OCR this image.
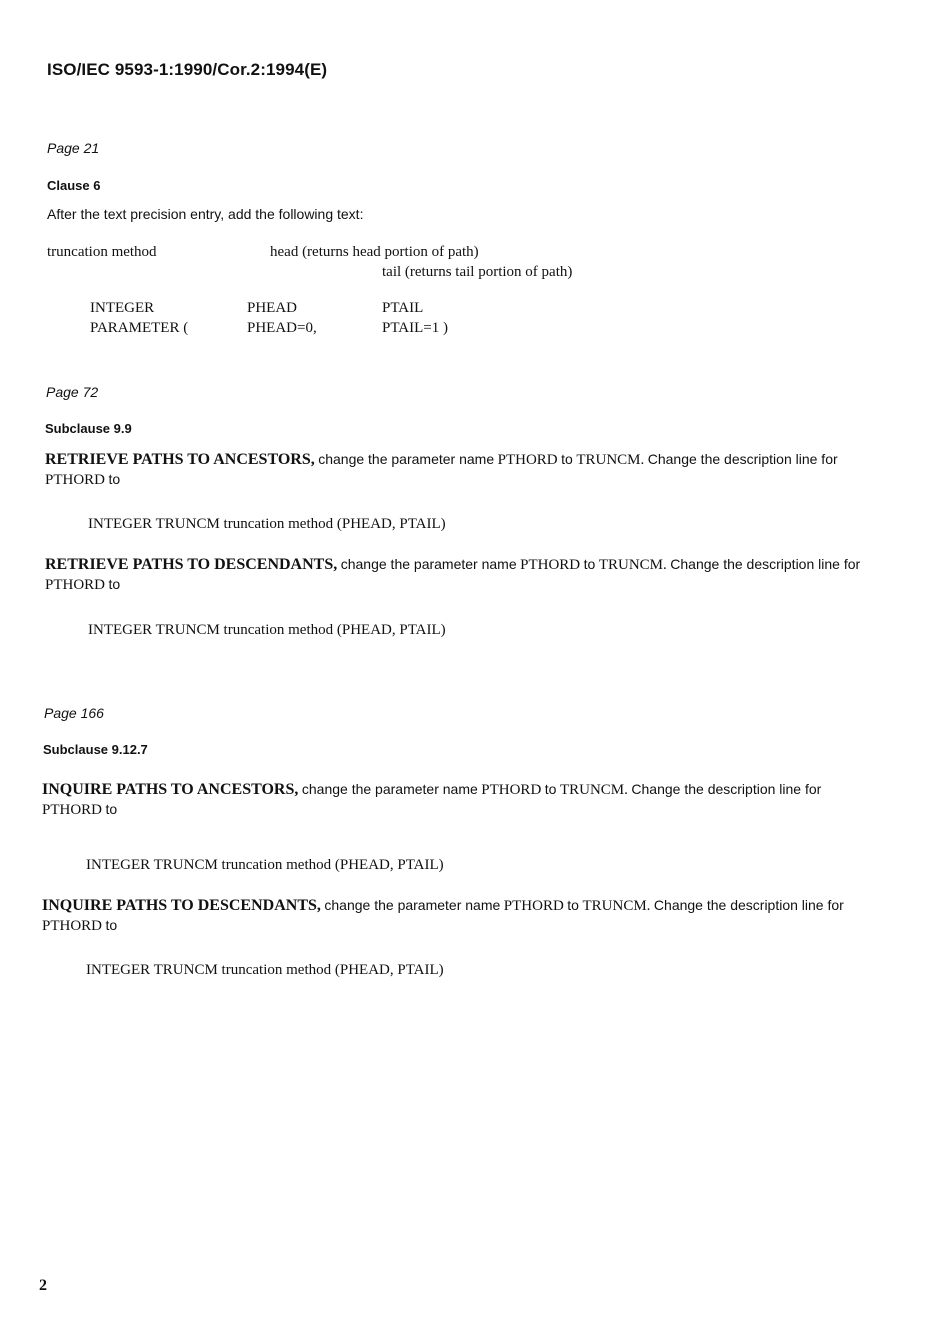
ISO/IEC 9593-1:1990/Cor.2:1994(E)
Page 21
Clause 6
After the text precision entry, add the following text:
truncation method	head (returns head portion of path)
tail (returns tail portion of path)
INTEGER	PHEAD	PTAIL
PARAMETER (	PHEAD=0,	PTAIL=1 )
Page 72
Subclause 9.9
RETRIEVE PATHS TO ANCESTORS, change the parameter name PTHORD to TRUNCM. Change the description line for
PTHORD to
INTEGER TRUNCM truncation method (PHEAD, PTAIL)
RETRIEVE PATHS TO DESCENDANTS, change the parameter name PTHORD to TRUNCM. Change the description line for
PTHORD to
INTEGER TRUNCM truncation method (PHEAD, PTAIL)
Page 166
Subclause 9.12.7
INQUIRE PATHS TO ANCESTORS, change the parameter name PTHORD to TRUNCM. Change the description line for
PTHORD to
INTEGER TRUNCM truncation method (PHEAD, PTAIL)
INQUIRE PATHS TO DESCENDANTS, change the parameter name PTHORD to TRUNCM. Change the description line for
PTHORD to
INTEGER TRUNCM truncation method (PHEAD, PTAIL)
2
